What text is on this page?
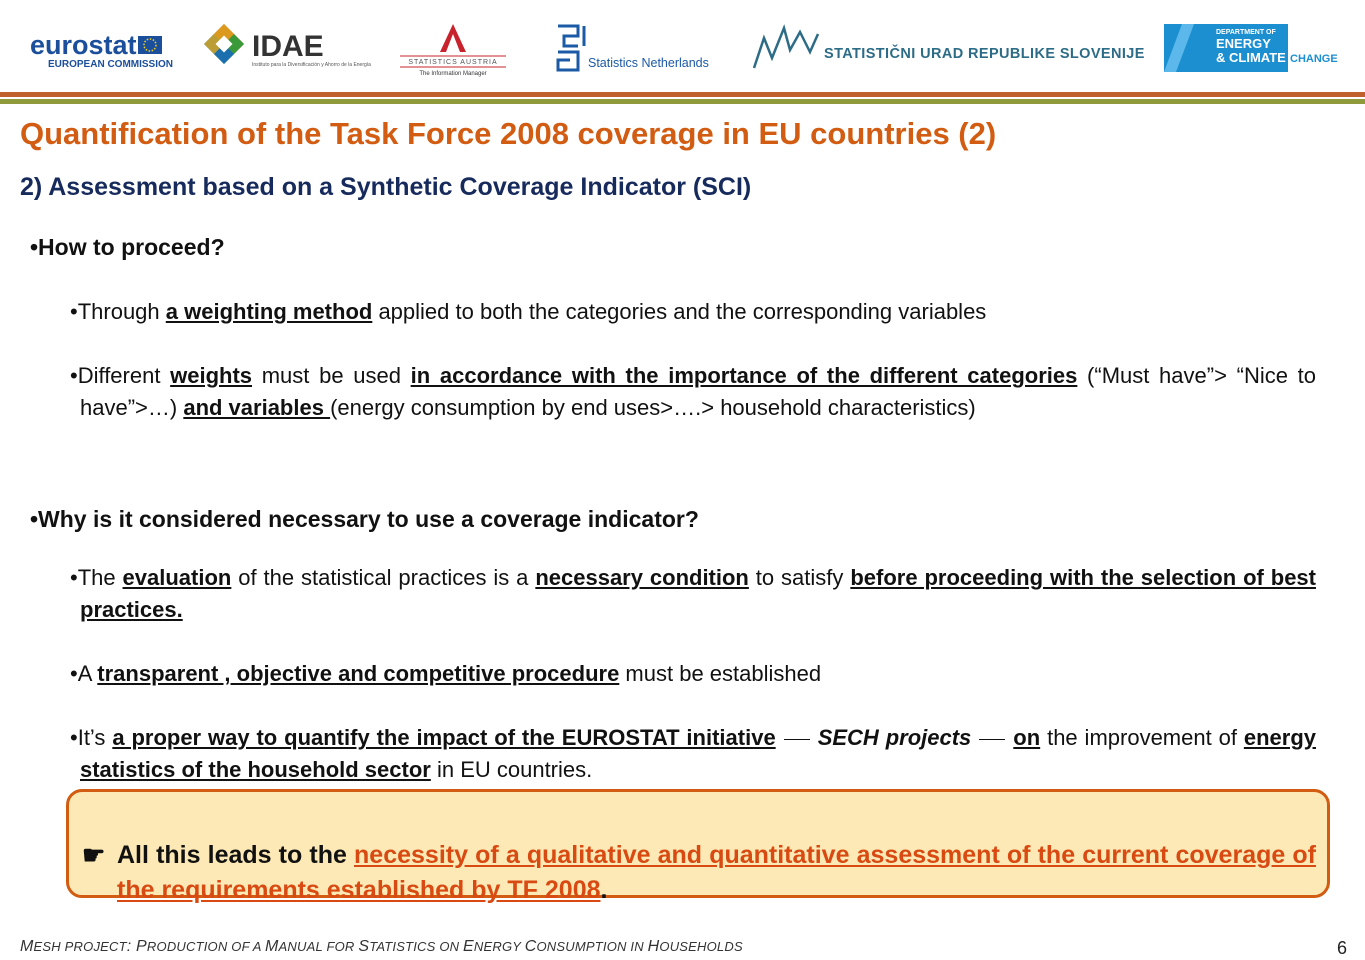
eurostat
EUROPEAN COMMISSION
IDAE
Instituto para la Diversificación y Ahorro de la Energía	STATISTICS AUSTRIA
The Information Manager
Statistics Netherlands
STATISTIČNI URAD REPUBLIKE SLOVENIJE
DEPARTMENT OF
ENERGY
& CLIMATE CHANGE
Quantification of the Task Force 2008 coverage in EU countries (2)
2) Assessment based on a Synthetic Coverage Indicator (SCI)
•How to proceed?
•Through a weighting method applied to both the categories and the corresponding variables
•Different weights must be used in accordance with the importance of the different categories (“Must have”> “Nice to have”>…) and variables (energy consumption by end uses>….> household characteristics)
•Why is it considered necessary to use a coverage indicator?
•The evaluation of the statistical practices is a necessary condition to satisfy before proceeding with the selection of best practices.
•A transparent , objective and competitive procedure must be established
•It’s a proper way to quantify the impact of the EUROSTAT initiative SECH projects on the improvement of energy statistics of the household sector in EU countries.
☛ All this leads to the necessity of a qualitative and quantitative assessment of the current coverage of the requirements established by TF 2008.
MESH PROJECT: PRODUCTION OF A MANUAL FOR STATISTICS ON ENERGY CONSUMPTION IN HOUSEHOLDS	6
